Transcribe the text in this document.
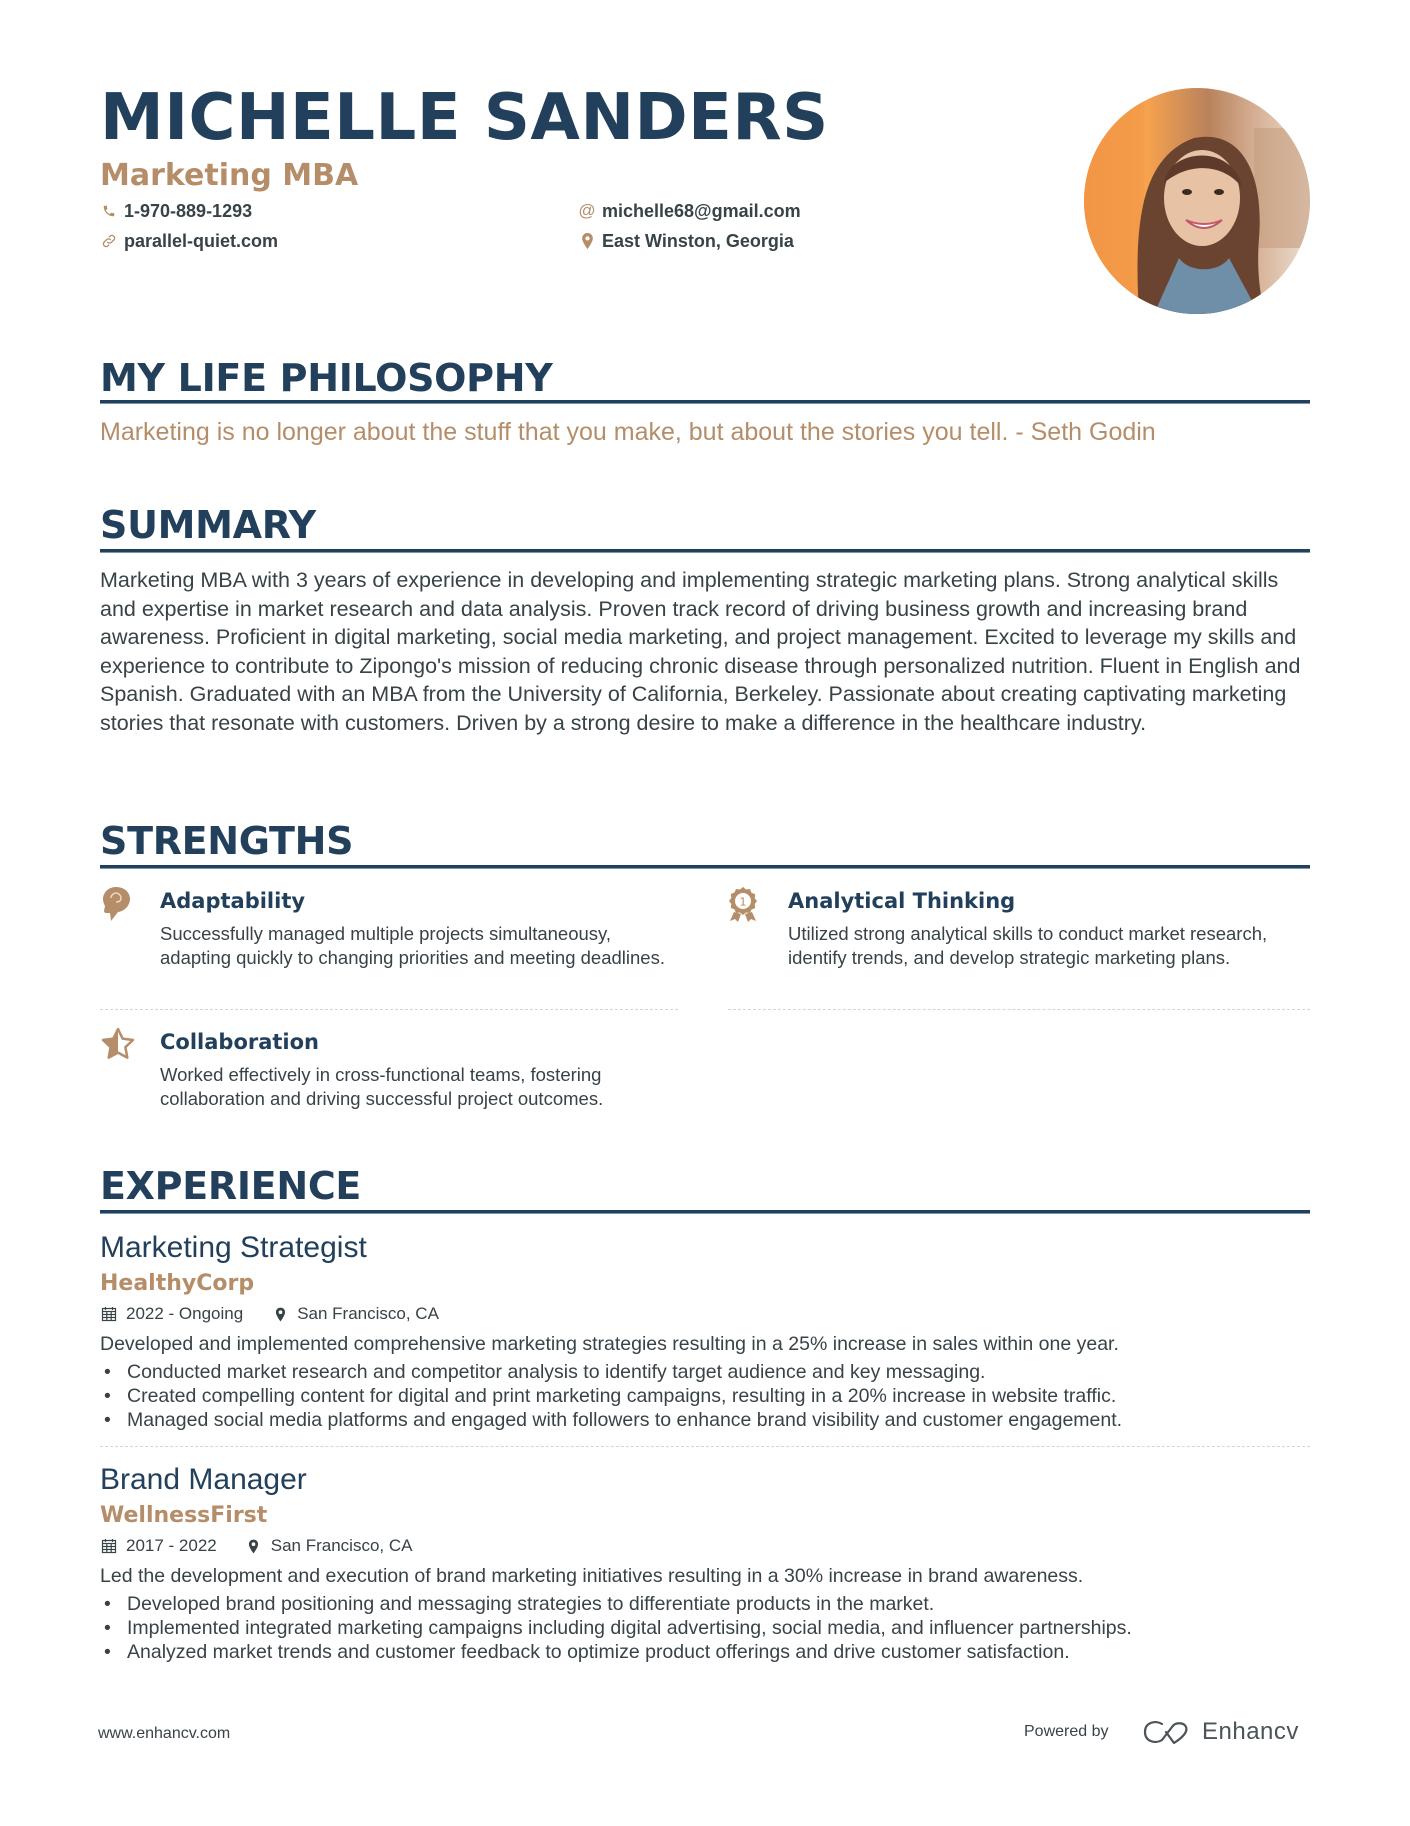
MICHELLE SANDERS
Marketing MBA
1-970-889-1293	@ michelle68@gmail.com
parallel-quiet.com	East Winston, Georgia
MY LIFE PHILOSOPHY
Marketing is no longer about the stuff that you make, but about the stories you tell. - Seth Godin
SUMMARY
Marketing MBA with 3 years of experience in developing and implementing strategic marketing plans. Strong analytical skills and expertise in market research and data analysis. Proven track record of driving business growth and increasing brand awareness. Proficient in digital marketing, social media marketing, and project management. Excited to leverage my skills and experience to contribute to Zipongo's mission of reducing chronic disease through personalized nutrition. Fluent in English and Spanish. Graduated with an MBA from the University of California, Berkeley. Passionate about creating captivating marketing stories that resonate with customers. Driven by a strong desire to make a difference in the healthcare industry.
STRENGTHS
Adaptability
Successfully managed multiple projects simultaneousy, adapting quickly to changing priorities and meeting deadlines.
1 Analytical Thinking
Utilized strong analytical skills to conduct market research, identify trends, and develop strategic marketing plans.
Collaboration
Worked effectively in cross-functional teams, fostering collaboration and driving successful project outcomes.
EXPERIENCE
Marketing Strategist
HealthyCorp
2022 - Ongoing	San Francisco, CA
Developed and implemented comprehensive marketing strategies resulting in a 25% increase in sales within one year.
• Conducted market research and competitor analysis to identify target audience and key messaging.
• Created compelling content for digital and print marketing campaigns, resulting in a 20% increase in website traffic.
• Managed social media platforms and engaged with followers to enhance brand visibility and customer engagement.
Brand Manager
WellnessFirst
2017 - 2022	San Francisco, CA
Led the development and execution of brand marketing initiatives resulting in a 30% increase in brand awareness.
• Developed brand positioning and messaging strategies to differentiate products in the market.
• Implemented integrated marketing campaigns including digital advertising, social media, and influencer partnerships.
• Analyzed market trends and customer feedback to optimize product offerings and drive customer satisfaction.
www.enhancv.com	Powered by	Enhancv
